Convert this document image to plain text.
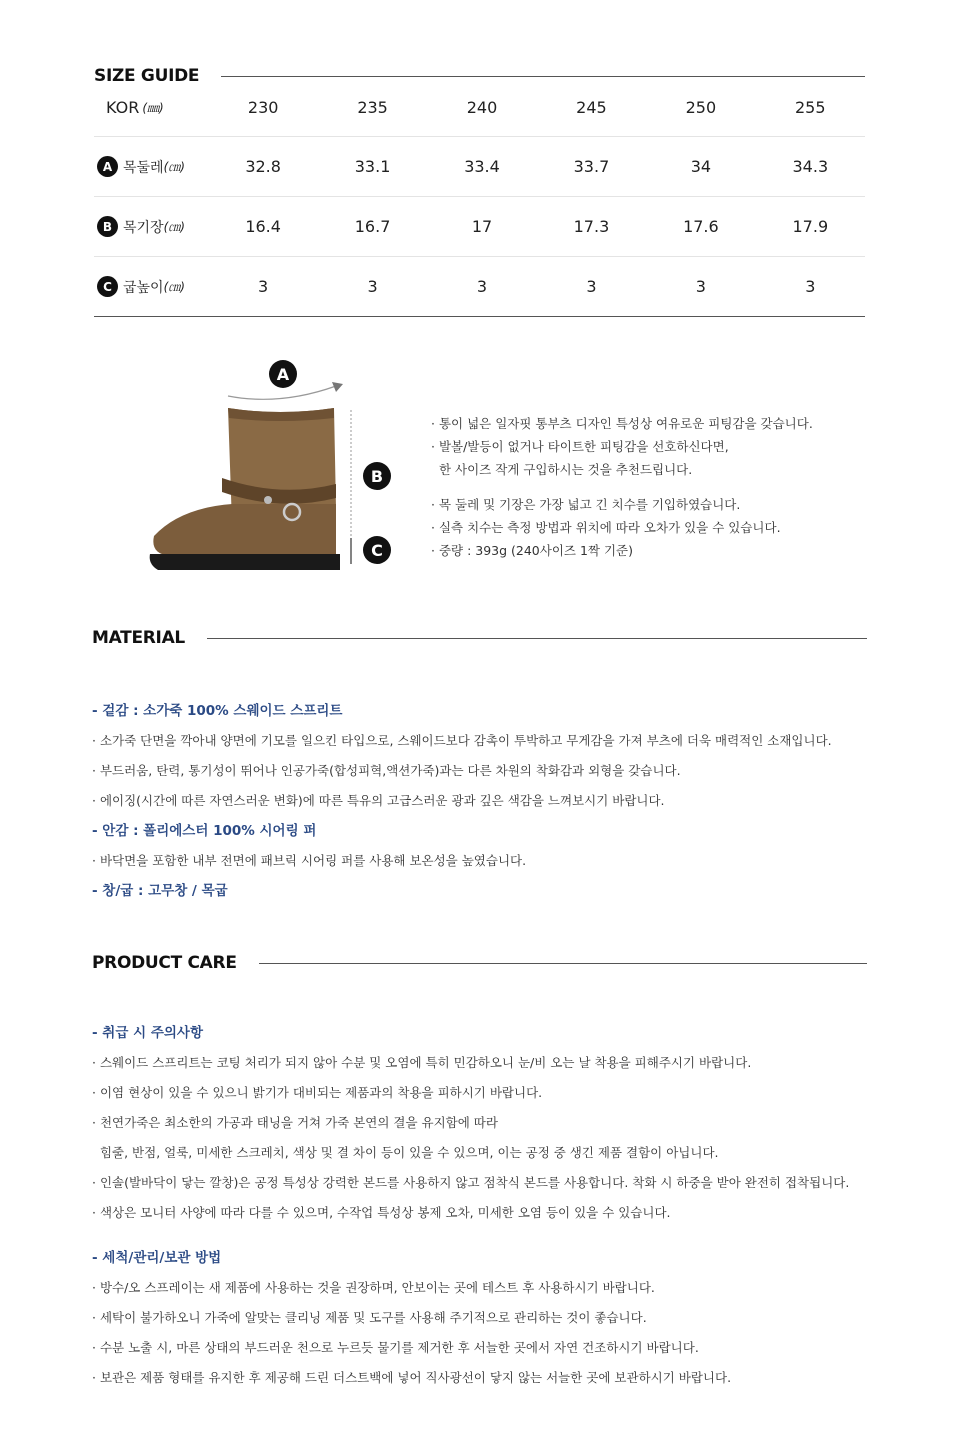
SIZE GUIDE
KOR (㎜)	230	235	240	245	250	255
A 목둘레 (㎝)	32.8	33.1	33.4	33.7	34	34.3
B 목기장 (㎝)	16.4	16.7	17	17.3	17.6	17.9
C 굽높이 (㎝)	3	3	3	3	3	3
A
B
C

· 통이 넓은 일자핏 통부츠 디자인 특성상 여유로운 피팅감을 갖습니다.

· 발볼/발등이 없거나 타이트한 피팅감을 선호하신다면,

한 사이즈 작게 구입하시는 것을 추천드립니다.

· 목 둘레 및 기장은 가장 넓고 긴 치수를 기입하였습니다.

· 실측 치수는 측정 방법과 위치에 따라 오차가 있을 수 있습니다.

· 중량 : 393g (240사이즈 1짝 기준)

MATERIAL
- 겉감 : 소가죽 100% 스웨이드 스프리트
· 소가죽 단면을 깍아내 양면에 기모를 일으킨 타입으로, 스웨이드보다 감촉이 투박하고 무게감을 가져 부츠에 더욱 매력적인 소재입니다.
· 부드러움, 탄력, 통기성이 뛰어나 인공가죽(합성피혁,액션가죽)과는 다른 차원의 착화감과 외형을 갖습니다.
· 에이징(시간에 따른 자연스러운 변화)에 따른 특유의 고급스러운 광과 깊은 색감을 느껴보시기 바랍니다.
- 안감 : 폴리에스터 100% 시어링 퍼
· 바닥면을 포함한 내부 전면에 패브릭 시어링 퍼를 사용해 보온성을 높였습니다.
- 창/굽 : 고무창 / 목굽
PRODUCT CARE
- 취급 시 주의사항
· 스웨이드 스프리트는 코팅 처리가 되지 않아 수분 및 오염에 특히 민감하오니 눈/비 오는 날 착용을 피해주시기 바랍니다.
· 이염 현상이 있을 수 있으니 밝기가 대비되는 제품과의 착용을 피하시기 바랍니다.
· 천연가죽은 최소한의 가공과 태닝을 거쳐 가죽 본연의 결을 유지함에 따라
힘줄, 반점, 얼룩, 미세한 스크레치, 색상 및 결 차이 등이 있을 수 있으며, 이는 공정 중 생긴 제품 결함이 아닙니다.
· 인솔(발바닥이 닿는 깔창)은 공정 특성상 강력한 본드를 사용하지 않고 점착식 본드를 사용합니다. 착화 시 하중을 받아 완전히 접착됩니다.
· 색상은 모니터 사양에 따라 다를 수 있으며, 수작업 특성상 봉제 오차, 미세한 오염 등이 있을 수 있습니다.
- 세척/관리/보관 방법
· 방수/오 스프레이는 새 제품에 사용하는 것을 권장하며, 안보이는 곳에 테스트 후 사용하시기 바랍니다.
· 세탁이 불가하오니 가죽에 알맞는 클리닝 제품 및 도구를 사용해 주기적으로 관리하는 것이 좋습니다.
· 수분 노출 시, 마른 상태의 부드러운 천으로 누르듯 물기를 제거한 후 서늘한 곳에서 자연 건조하시기 바랍니다.
· 보관은 제품 형태를 유지한 후 제공해 드린 더스트백에 넣어 직사광선이 닿지 않는 서늘한 곳에 보관하시기 바랍니다.
